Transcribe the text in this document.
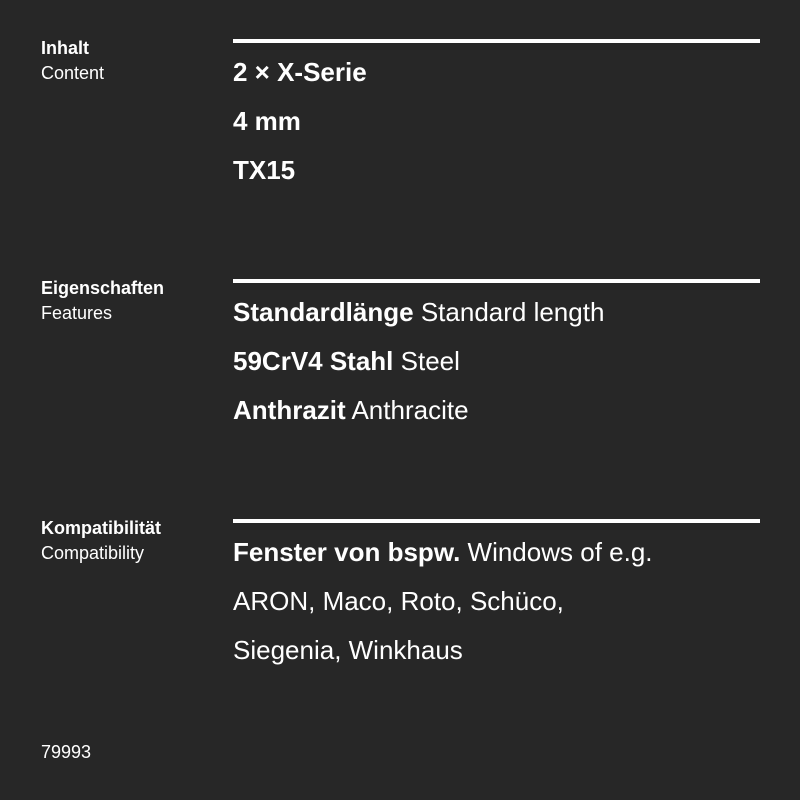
Inhalt
Content	2 × X-Serie
4 mm
TX15
Eigenschaften
Features	Standardlänge Standard length
59CrV4 Stahl Steel
Anthrazit Anthracite
Kompatibilität
Compatibility	Fenster von bspw. Windows of e.g.
ARON, Maco, Roto, Schüco,
Siegenia, Winkhaus
79993
